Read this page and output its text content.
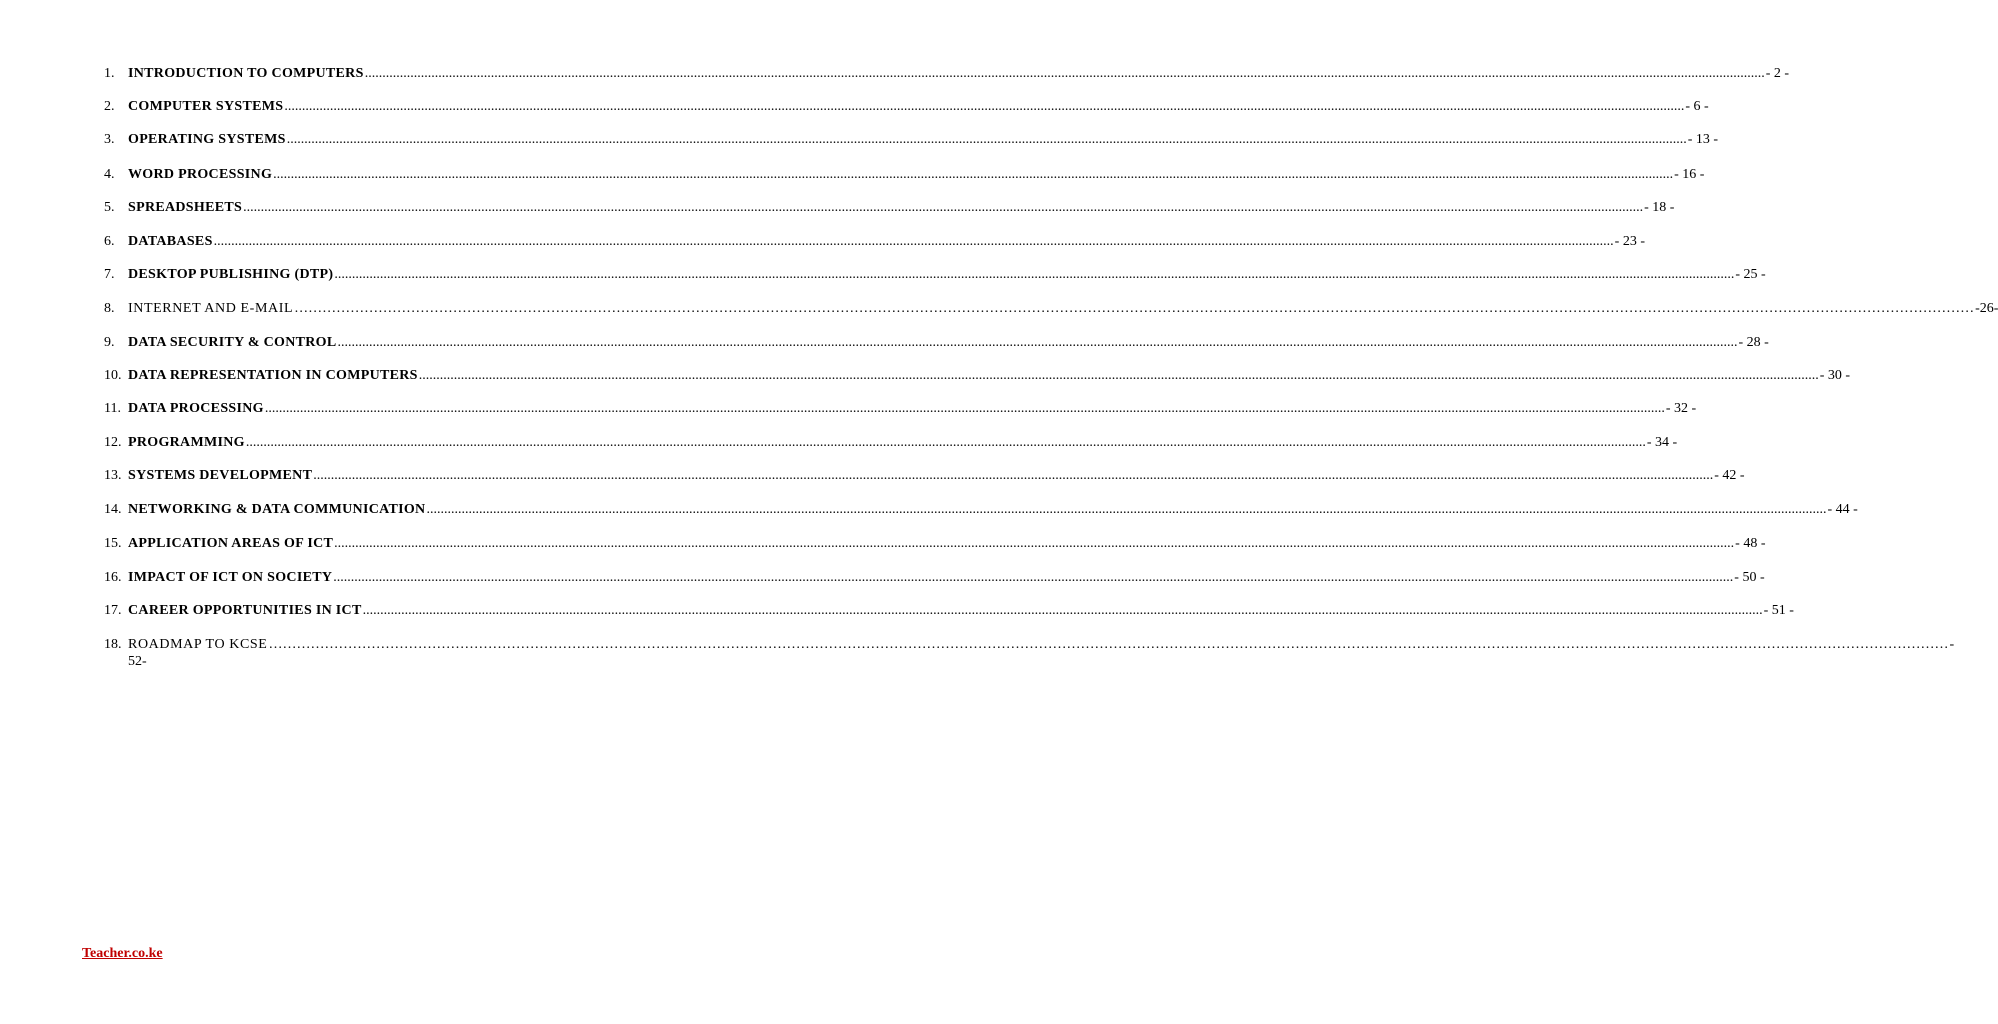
1. INTRODUCTION TO COMPUTERS ................................................................................................................................................................................................................................................................................................................................................................................................................ - 2 -
2. COMPUTER SYSTEMS ................................................................................................................................................................................................................................................................................................................................................................................................................ - 6 -
3. OPERATING SYSTEMS ................................................................................................................................................................................................................................................................................................................................................................................................................ - 13 -
4. WORD PROCESSING ................................................................................................................................................................................................................................................................................................................................................................................................................ - 16 -
5. SPREADSHEETS ................................................................................................................................................................................................................................................................................................................................................................................................................ - 18 -
6. DATABASES ................................................................................................................................................................................................................................................................................................................................................................................................................ - 23 -
7. DESKTOP PUBLISHING (DTP) ................................................................................................................................................................................................................................................................................................................................................................................................................ - 25 -
8. INTERNET AND E-MAIL ……………………………………………………………………………………………………………………………………………………………………………………………………………………………………………………………………………………………………………………………… -26-
9. DATA SECURITY & CONTROL ................................................................................................................................................................................................................................................................................................................................................................................................................ - 28 -
10. DATA REPRESENTATION IN COMPUTERS ................................................................................................................................................................................................................................................................................................................................................................................................................ - 30 -
11. DATA PROCESSING ................................................................................................................................................................................................................................................................................................................................................................................................................ - 32 -
12. PROGRAMMING ................................................................................................................................................................................................................................................................................................................................................................................................................ - 34 -
13. SYSTEMS DEVELOPMENT ................................................................................................................................................................................................................................................................................................................................................................................................................ - 42 -
14. NETWORKING & DATA COMMUNICATION ................................................................................................................................................................................................................................................................................................................................................................................................................ - 44 -
15. APPLICATION AREAS OF ICT ................................................................................................................................................................................................................................................................................................................................................................................................................ - 48 -
16. IMPACT OF ICT ON SOCIETY ................................................................................................................................................................................................................................................................................................................................................................................................................ - 50 -
17. CAREER OPPORTUNITIES IN ICT ................................................................................................................................................................................................................................................................................................................................................................................................................ - 51 -
18. ROADMAP TO KCSE ……………………………………………………………………………………………………………………………………………………………………………………………………………………………………………………………………………………………………………………………… -
52-
Teacher.co.ke
